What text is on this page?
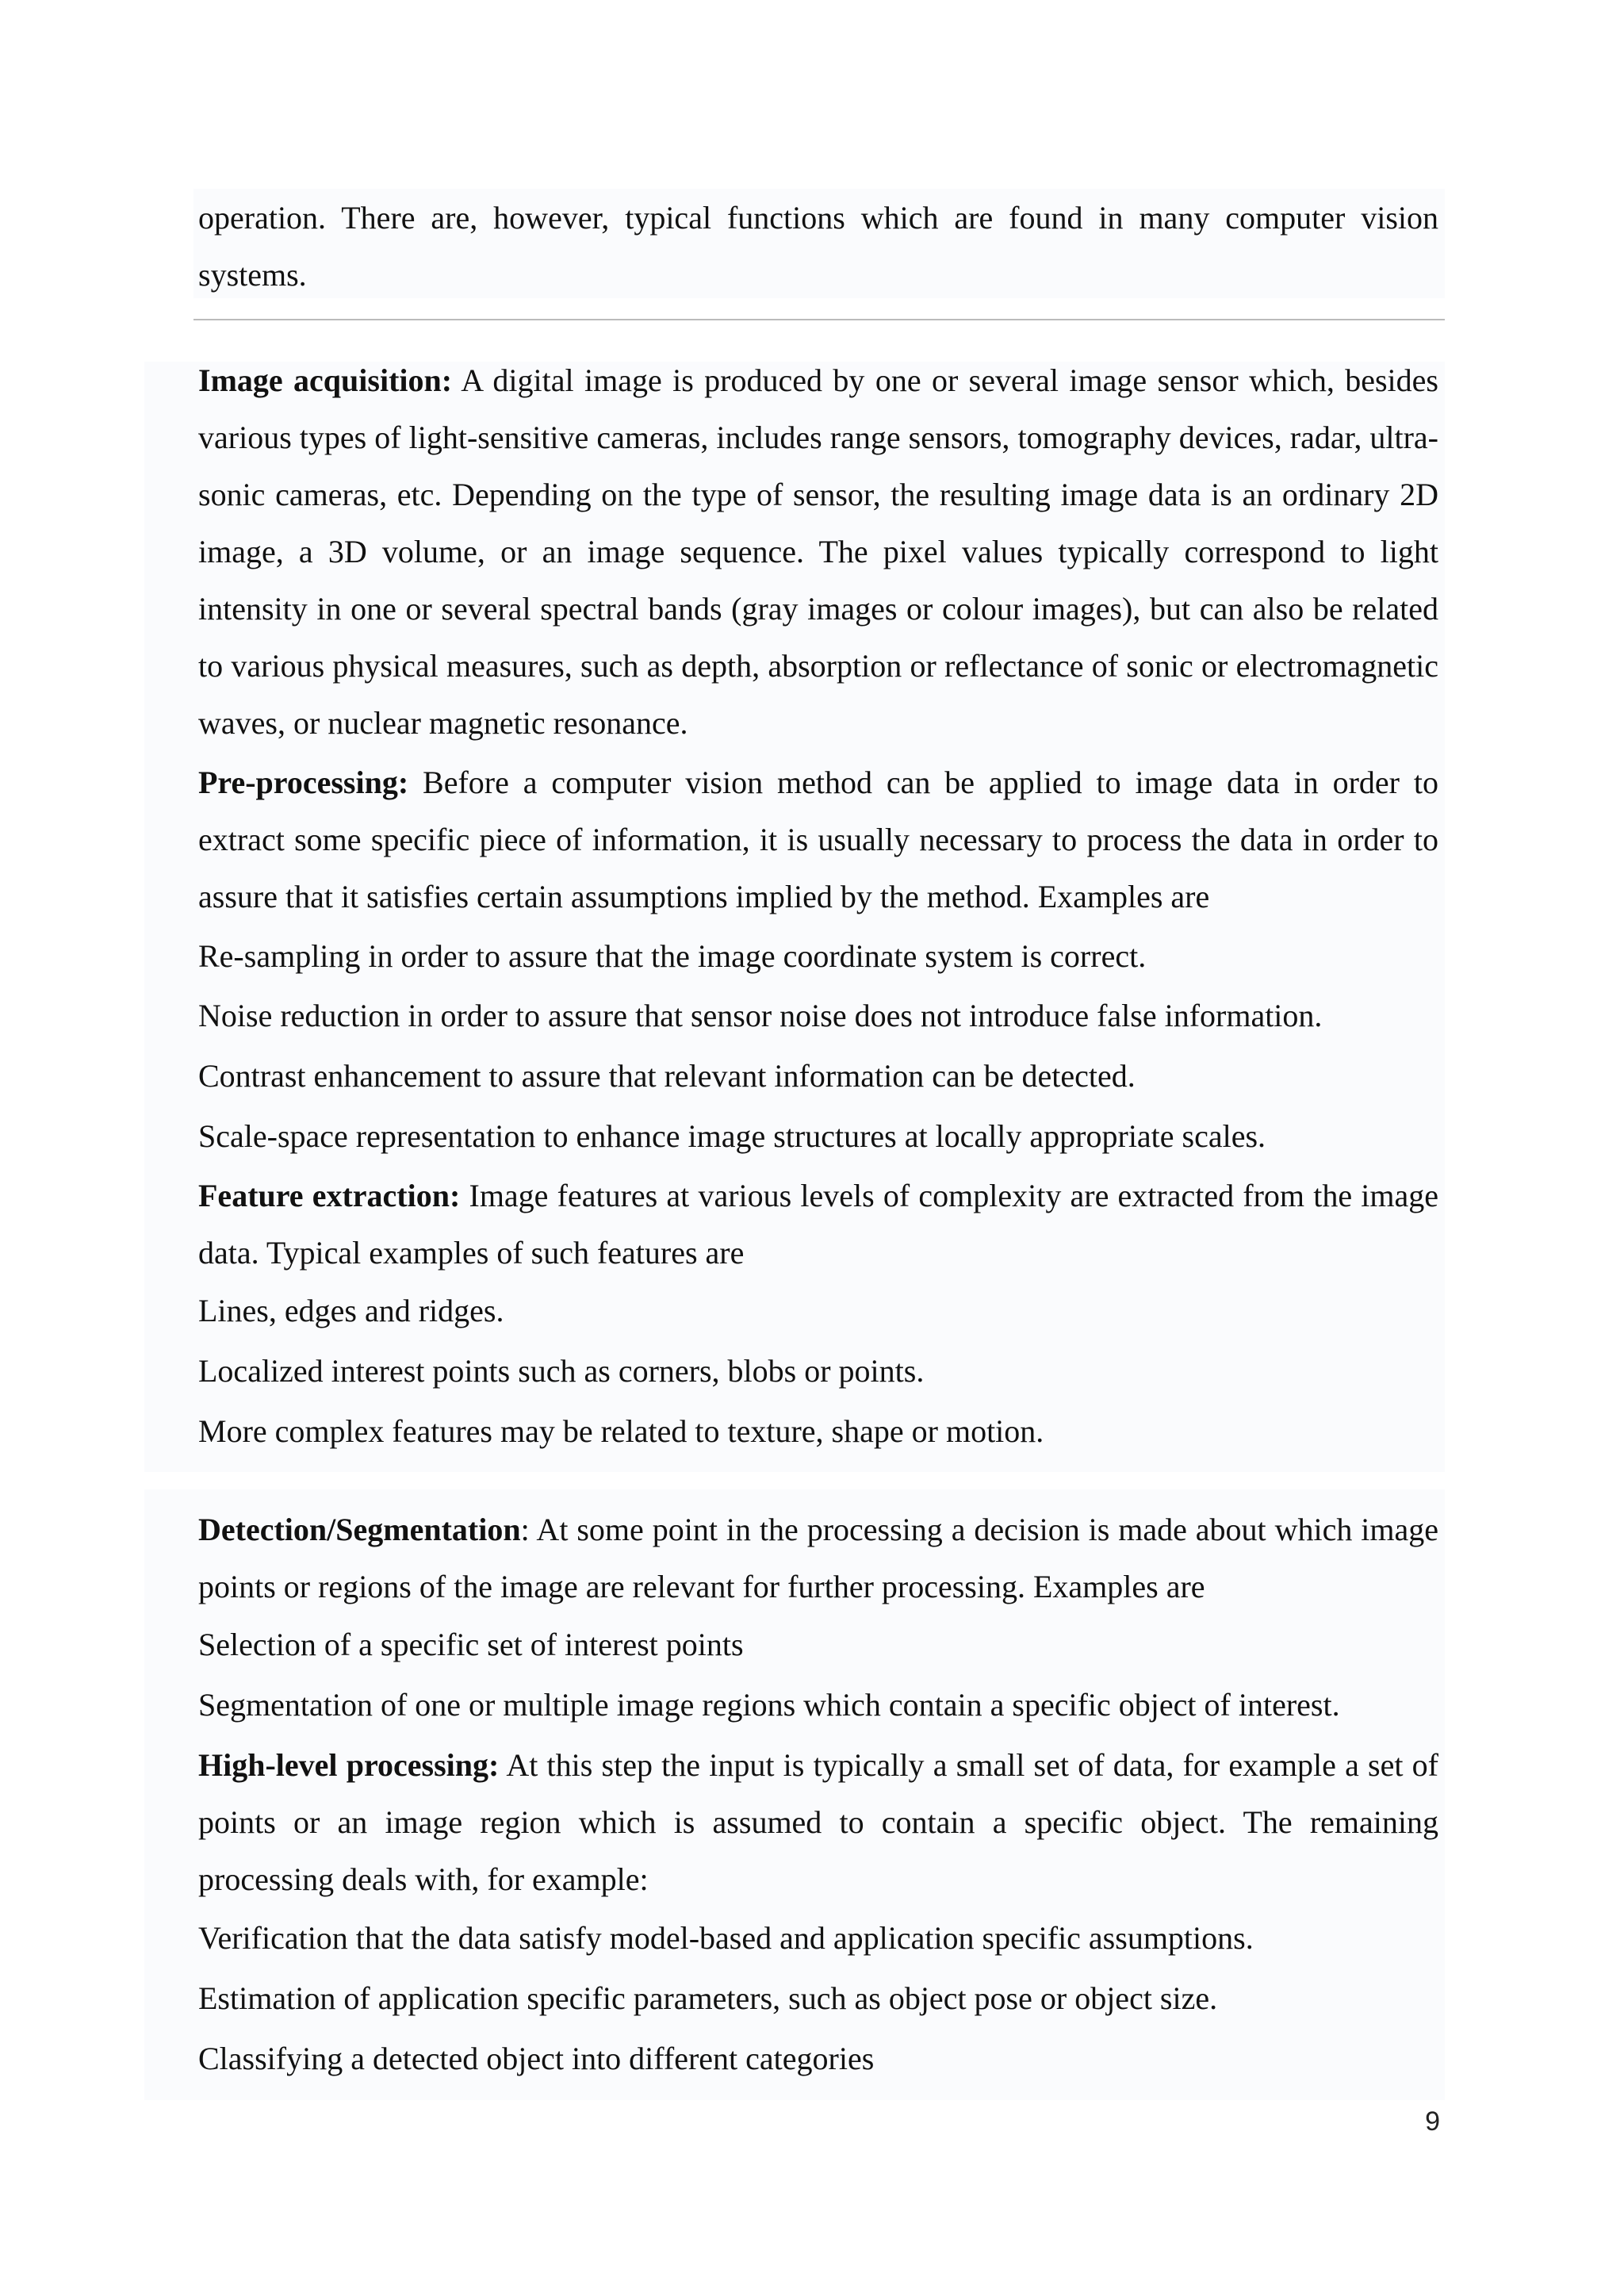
operation. There are, however, typical functions which are found in many computer vision systems.

Image acquisition: A digital image is produced by one or several image sensor which, besides various types of light-sensitive cameras, includes range sensors, tomography devices, radar, ultra-sonic cameras, etc. Depending on the type of sensor, the resulting image data is an ordinary 2D image, a 3D volume, or an image sequence. The pixel values typically correspond to light intensity in one or several spectral bands (gray images or colour images), but can also be related to various physical measures, such as depth, absorption or reflectance of sonic or electromagnetic waves, or nuclear magnetic resonance.

Pre-processing: Before a computer vision method can be applied to image data in order to extract some specific piece of information, it is usually necessary to process the data in order to assure that it satisfies certain assumptions implied by the method. Examples are

Re-sampling in order to assure that the image coordinate system is correct.

Noise reduction in order to assure that sensor noise does not introduce false information.

Contrast enhancement to assure that relevant information can be detected.

Scale-space representation to enhance image structures at locally appropriate scales.

Feature extraction: Image features at various levels of complexity are extracted from the image data. Typical examples of such features are

Lines, edges and ridges.

Localized interest points such as corners, blobs or points.

More complex features may be related to texture, shape or motion.

Detection/Segmentation: At some point in the processing a decision is made about which image points or regions of the image are relevant for further processing. Examples are

Selection of a specific set of interest points

Segmentation of one or multiple image regions which contain a specific object of interest.

High-level processing: At this step the input is typically a small set of data, for example a set of points or an image region which is assumed to contain a specific object. The remaining processing deals with, for example:

Verification that the data satisfy model-based and application specific assumptions.

Estimation of application specific parameters, such as object pose or object size.

Classifying a detected object into different categories

9
